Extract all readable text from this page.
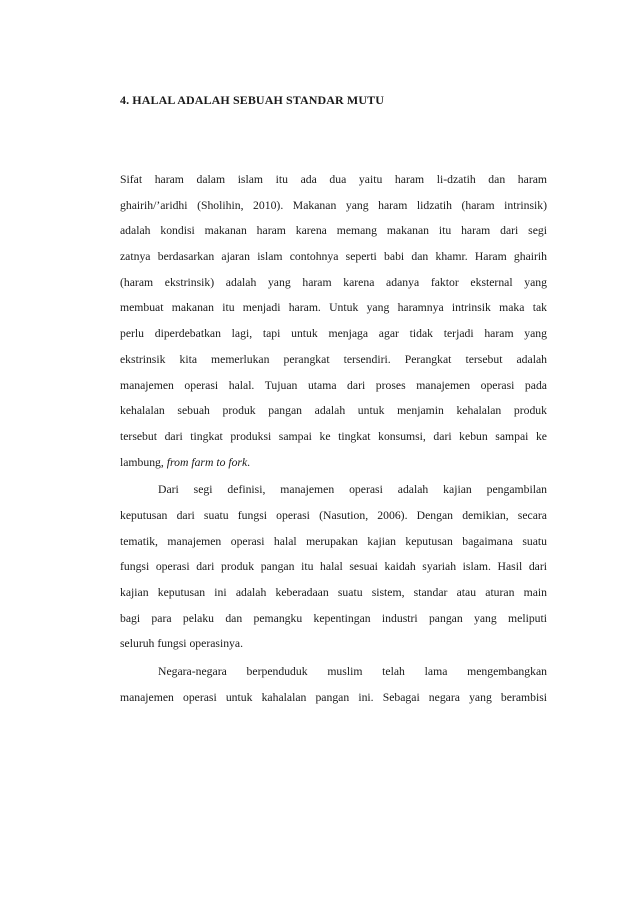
4. HALAL ADALAH SEBUAH STANDAR MUTU
Sifat haram dalam islam itu ada dua yaitu haram li-dzatih dan haram
ghairih/’aridhi (Sholihin, 2010). Makanan yang haram lidzatih (haram intrinsik)
adalah kondisi makanan haram karena memang makanan itu haram dari segi
zatnya berdasarkan ajaran islam contohnya seperti babi dan khamr. Haram ghairih
(haram ekstrinsik) adalah yang haram karena adanya faktor eksternal yang
membuat makanan itu menjadi haram. Untuk yang haramnya intrinsik maka tak
perlu diperdebatkan lagi, tapi untuk menjaga agar tidak terjadi haram yang
ekstrinsik kita memerlukan perangkat tersendiri. Perangkat tersebut adalah
manajemen operasi halal. Tujuan utama dari proses manajemen operasi pada
kehalalan sebuah produk pangan adalah untuk menjamin kehalalan produk
tersebut dari tingkat produksi sampai ke tingkat konsumsi, dari kebun sampai ke
lambung, from farm to fork.
Dari segi definisi, manajemen operasi adalah kajian pengambilan
keputusan dari suatu fungsi operasi (Nasution, 2006). Dengan demikian, secara
tematik, manajemen operasi halal merupakan kajian keputusan bagaimana suatu
fungsi operasi dari produk pangan itu halal sesuai kaidah syariah islam. Hasil dari
kajian keputusan ini adalah keberadaan suatu sistem, standar atau aturan main
bagi para pelaku dan pemangku kepentingan industri pangan yang meliputi
seluruh fungsi operasinya.
Negara-negara berpenduduk muslim telah lama mengembangkan
manajemen operasi untuk kahalalan pangan ini. Sebagai negara yang berambisi
